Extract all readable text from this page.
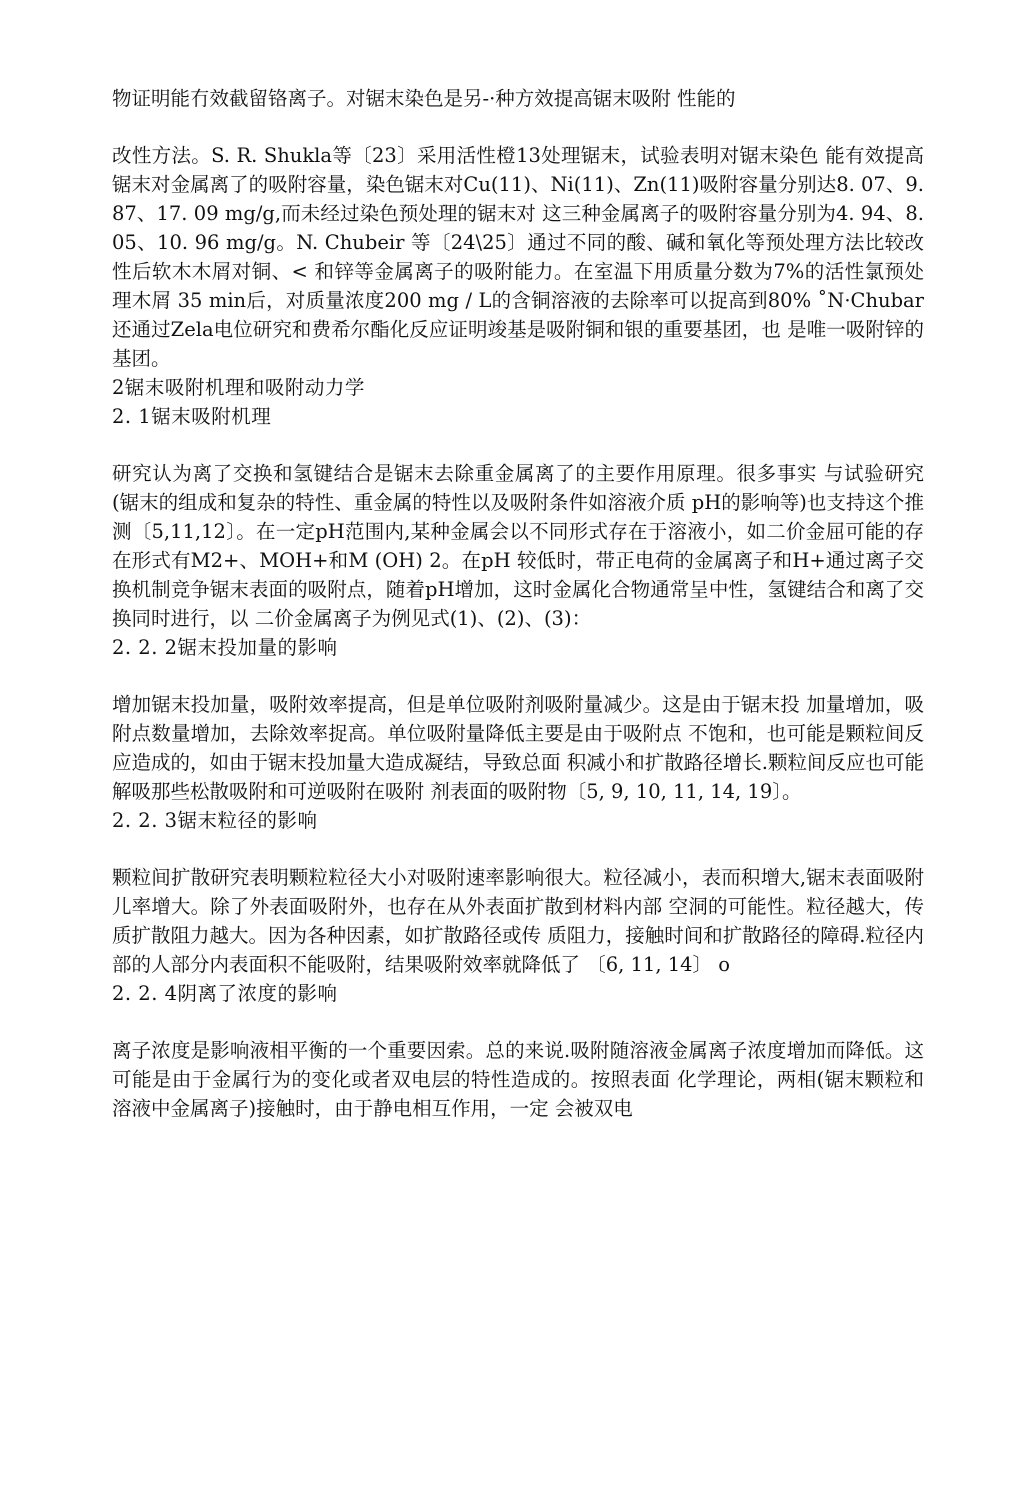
物证明能冇效截留铬离子。对锯末染色是另-·种方效提高锯末吸附 性能的

改性方法。S. R. Shukla等〔23〕采用活性橙13处理锯末，试验表明对锯末染色 能有效提高锯末对金属离了的吸附容量，染色锯末对Cu(11)、Ni(11)、Zn(11)吸附容量分别达8. 07、9. 87、17. 09 mg/g,而未经过染色预处理的锯末对 这三种金属离子的吸附容量分别为4. 94、8. 05、10. 96 mg/g。N. Chubeir 等〔24\25〕通过不同的酸、碱和氧化等预处理方法比较改性后软木木屑对铜、< 和锌等金属离子的吸附能力。在室温下用质量分数为7%的活性氯预处理木屑 35 min后，对质量浓度200 mg / L的含铜溶液的去除率可以捉高到80% ˚N·Chubar 还通过Zela电位研究和费希尔酯化反应证明竣基是吸附铜和银的重要基团，也 是唯一吸附锌的基团。

2锯末吸附机理和吸附动力学

2. 1锯末吸附机理

研究认为离了交换和氢键结合是锯末去除重金属离了的主要作用原理。很多事实 与试验研究(锯末的组成和复杂的特性、重金属的特性以及吸附条件如溶液介质 pH的影响等)也支持这个推测〔5,11,12〕。在一定pH范围内,某种金属会以不同形式存在于溶液小，如二价金屈可能的存在形式有M2+、MOH+和M (OH) 2。在pH 较低时，带正电荷的金属离子和H+通过离子交换机制竞争锯末表面的吸附点，随着pH增加，这时金属化合物通常呈中性，氢键结合和离了交换同时进行，以 二价金属离子为例见式(1)、(2)、(3)：

2. 2. 2锯末投加量的影响

增加锯末投加量，吸附效率提高，但是单位吸附剂吸附量减少。这是由于锯末投 加量增加，吸附点数量增加，去除效率捉高。单位吸附量降低主要是由于吸附点 不饱和，也可能是颗粒间反应造成的，如由于锯末投加量大造成凝结，导致总面 积减小和扩散路径增长.颗粒间反应也可能解吸那些松散吸附和可逆吸附在吸附 剂表面的吸附物〔5, 9, 10, 11, 14, 19〕。

2. 2. 3锯末粒径的影响

颗粒间扩散研究表明颗粒粒径大小对吸附速率影响很大。粒径减小，表而积增大,锯末表面吸附儿率增大。除了外表面吸附外，也存在从外表面扩散到材料内部 空洞的可能性。粒径越大，传质扩散阻力越大。因为各种因素，如扩散路径或传 质阻力，接触时间和扩散路径的障碍.粒径内部的人部分内表面积不能吸附，结果吸附效率就降低了 〔6, 11, 14〕 o

2. 2. 4阴离了浓度的影响

离子浓度是影响液相平衡的一个重要因索。总的来说.吸附随溶液金属离子浓度增加而降低。这可能是由于金属行为的变化或者双电层的特性造成的。按照表面 化学理论，两相(锯末颗粒和溶液中金属离子)接触时，由于静电相互作用，一定 会被双电
